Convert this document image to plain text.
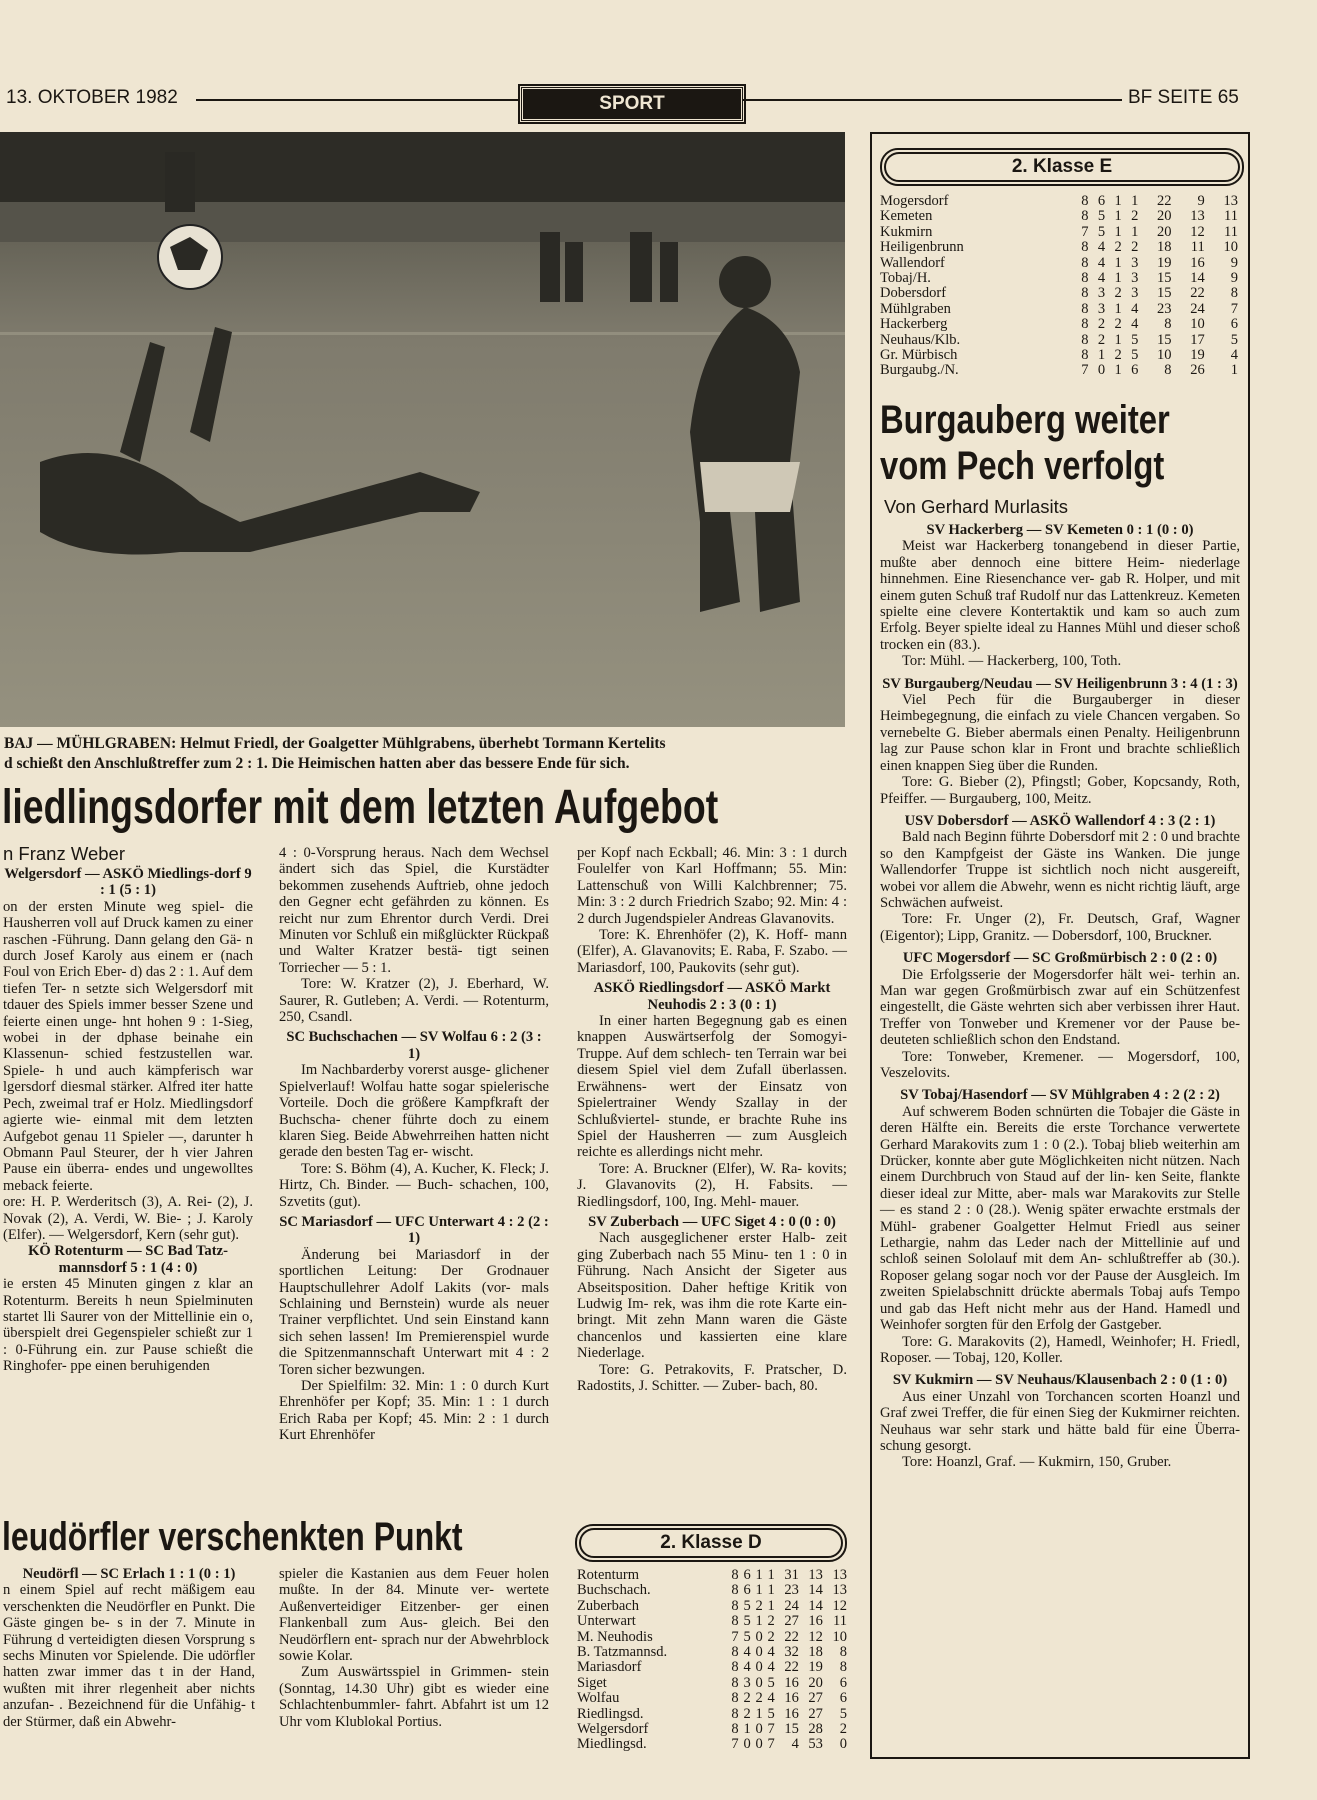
13. OKTOBER 1982	SPORT	BF SEITE 65
BAJ — MÜHLGRABEN: Helmut Friedl, der Goalgetter Mühlgrabens, überhebt Tormann Kertelits
d schießt den Anschlußtreffer zum 2 : 1. Die Heimischen hatten aber das bessere Ende für sich.
liedlingsdorfer mit dem letzten Aufgebot
n Franz Weber

Welgersdorf — ASKÖ Miedlings-dorf 9 : 1 (5 : 1)

on der ersten Minute weg spiel- die Hausherren voll auf Druck kamen zu einer raschen -Führung. Dann gelang den Gä- n durch Josef Karoly aus einem er (nach Foul von Erich Eber- d) das 2 : 1. Auf dem tiefen Ter- n setzte sich Welgersdorf mit tdauer des Spiels immer besser Szene und feierte einen unge- hnt hohen 9 : 1-Sieg, wobei in der dphase beinahe ein Klassenun- schied festzustellen war. Spiele- h und auch kämpferisch war lgersdorf diesmal stärker. Alfred iter hatte Pech, zweimal traf er Holz. Miedlingsdorf agierte wie- einmal mit dem letzten Aufgebot genau 11 Spieler —, darunter h Obmann Paul Steurer, der h vier Jahren Pause ein überra- endes und ungewolltes meback feierte.

ore: H. P. Werderitsch (3), A. Rei- (2), J. Novak (2), A. Verdi, W. Bie- ; J. Karoly (Elfer). — Welgersdorf, Kern (sehr gut).

KÖ Rotenturm — SC Bad Tatz- mannsdorf 5 : 1 (4 : 0)

ie ersten 45 Minuten gingen z klar an Rotenturm. Bereits h neun Spielminuten startet lli Saurer von der Mittellinie ein o, überspielt drei Gegenspieler schießt zur 1 : 0-Führung ein. zur Pause schießt die Ringhofer- ppe einen beruhigenden

4 : 0-Vorsprung heraus. Nach dem Wechsel ändert sich das Spiel, die Kurstädter bekommen zusehends Auftrieb, ohne jedoch den Gegner echt gefährden zu können. Es reicht nur zum Ehrentor durch Verdi. Drei Minuten vor Schluß ein mißglückter Rückpaß und Walter Kratzer bestä- tigt seinen Torriecher — 5 : 1.

Tore: W. Kratzer (2), J. Eberhard, W. Saurer, R. Gutleben; A. Verdi. — Rotenturm, 250, Csandl.

SC Buchschachen — SV Wolfau 6 : 2 (3 : 1)

Im Nachbarderby vorerst ausge- glichener Spielverlauf! Wolfau hatte sogar spielerische Vorteile. Doch die größere Kampfkraft der Buchscha- chener führte doch zu einem klaren Sieg. Beide Abwehrreihen hatten nicht gerade den besten Tag er- wischt.

Tore: S. Böhm (4), A. Kucher, K. Fleck; J. Hirtz, Ch. Binder. — Buch- schachen, 100, Szvetits (gut).

SC Mariasdorf — UFC Unterwart 4 : 2 (2 : 1)

Änderung bei Mariasdorf in der sportlichen Leitung: Der Grodnauer Hauptschullehrer Adolf Lakits (vor- mals Schlaining und Bernstein) wurde als neuer Trainer verpflichtet. Und sein Einstand kann sich sehen lassen! Im Premierenspiel wurde die Spitzenmannschaft Unterwart mit 4 : 2 Toren sicher bezwungen.

Der Spielfilm: 32. Min: 1 : 0 durch Kurt Ehrenhöfer per Kopf; 35. Min: 1 : 1 durch Erich Raba per Kopf; 45. Min: 2 : 1 durch Kurt Ehrenhöfer

per Kopf nach Eckball; 46. Min: 3 : 1 durch Foulelfer von Karl Hoffmann; 55. Min: Lattenschuß von Willi Kalchbrenner; 75. Min: 3 : 2 durch Friedrich Szabo; 92. Min: 4 : 2 durch Jugendspieler Andreas Glavanovits.

Tore: K. Ehrenhöfer (2), K. Hoff- mann (Elfer), A. Glavanovits; E. Raba, F. Szabo. — Mariasdorf, 100, Paukovits (sehr gut).

ASKÖ Riedlingsdorf — ASKÖ Markt Neuhodis 2 : 3 (0 : 1)

In einer harten Begegnung gab es einen knappen Auswärtserfolg der Somogyi-Truppe. Auf dem schlech- ten Terrain war bei diesem Spiel viel dem Zufall überlassen. Erwähnens- wert der Einsatz von Spielertrainer Wendy Szallay in der Schlußviertel- stunde, er brachte Ruhe ins Spiel der Hausherren — zum Ausgleich reichte es allerdings nicht mehr.

Tore: A. Bruckner (Elfer), W. Ra- kovits; J. Glavanovits (2), H. Fabsits. — Riedlingsdorf, 100, Ing. Mehl- mauer.

SV Zuberbach — UFC Siget 4 : 0 (0 : 0)

Nach ausgeglichener erster Halb- zeit ging Zuberbach nach 55 Minu- ten 1 : 0 in Führung. Nach Ansicht der Sigeter aus Abseitsposition. Daher heftige Kritik von Ludwig Im- rek, was ihm die rote Karte ein- bringt. Mit zehn Mann waren die Gäste chancenlos und kassierten eine klare Niederlage.

Tore: G. Petrakovits, F. Pratscher, D. Radostits, J. Schitter. — Zuber- bach, 80.

leudörfler verschenkten Punkt

Neudörfl — SC Erlach 1 : 1 (0 : 1)

n einem Spiel auf recht mäßigem eau verschenkten die Neudörfler en Punkt. Die Gäste gingen be- s in der 7. Minute in Führung d verteidigten diesen Vorsprung s sechs Minuten vor Spielende. Die udörfler hatten zwar immer das t in der Hand, wußten mit ihrer rlegenheit aber nichts anzufan- . Bezeichnend für die Unfähig- t der Stürmer, daß ein Abwehr-

spieler die Kastanien aus dem Feuer holen mußte. In der 84. Minute ver- wertete Außenverteidiger Eitzenber- ger einen Flankenball zum Aus- gleich. Bei den Neudörflern ent- sprach nur der Abwehrblock sowie Kolar.

Zum Auswärtsspiel in Grimmen- stein (Sonntag, 14.30 Uhr) gibt es wieder eine Schlachtenbummler- fahrt. Abfahrt ist um 12 Uhr vom Klublokal Portius.

2. Klasse D
Rotenturm	8	6	1	1	31	13	13
Buchschach.	8	6	1	1	23	14	13
Zuberbach	8	5	2	1	24	14	12
Unterwart	8	5	1	2	27	16	11
M. Neuhodis	7	5	0	2	22	12	10
B. Tatzmannsd.	8	4	0	4	32	18	8
Mariasdorf	8	4	0	4	22	19	8
Siget	8	3	0	5	16	20	6
Wolfau	8	2	2	4	16	27	6
Riedlingsd.	8	2	1	5	16	27	5
Welgersdorf	8	1	0	7	15	28	2
Miedlingsd.	7	0	0	7	4	53	0
2. Klasse E
Mogersdorf	8	6	1	1	22	9	13
Kemeten	8	5	1	2	20	13	11
Kukmirn	7	5	1	1	20	12	11
Heiligenbrunn	8	4	2	2	18	11	10
Wallendorf	8	4	1	3	19	16	9
Tobaj/H.	8	4	1	3	15	14	9
Dobersdorf	8	3	2	3	15	22	8
Mühlgraben	8	3	1	4	23	24	7
Hackerberg	8	2	2	4	8	10	6
Neuhaus/Klb.	8	2	1	5	15	17	5
Gr. Mürbisch	8	1	2	5	10	19	4
Burgaubg./N.	7	0	1	6	8	26	1
Burgauberg weiter
vom Pech verfolgt
Von Gerhard Murlasits

SV Hackerberg — SV Kemeten 0 : 1 (0 : 0)

Meist war Hackerberg tonangebend in dieser Partie, mußte aber dennoch eine bittere Heim- niederlage hinnehmen. Eine Riesenchance ver- gab R. Holper, und mit einem guten Schuß traf Rudolf nur das Lattenkreuz. Kemeten spielte eine clevere Kontertaktik und kam so auch zum Erfolg. Beyer spielte ideal zu Hannes Mühl und dieser schoß trocken ein (83.).

Tor: Mühl. — Hackerberg, 100, Toth.

SV Burgauberg/Neudau — SV Heiligenbrunn 3 : 4 (1 : 3)

Viel Pech für die Burgauberger in dieser Heimbegegnung, die einfach zu viele Chancen vergaben. So vernebelte G. Bieber abermals einen Penalty. Heiligenbrunn lag zur Pause schon klar in Front und brachte schließlich einen knappen Sieg über die Runden.

Tore: G. Bieber (2), Pfingstl; Gober, Kopcsandy, Roth, Pfeiffer. — Burgauberg, 100, Meitz.

USV Dobersdorf — ASKÖ Wallendorf 4 : 3 (2 : 1)

Bald nach Beginn führte Dobersdorf mit 2 : 0 und brachte so den Kampfgeist der Gäste ins Wanken. Die junge Wallendorfer Truppe ist sichtlich noch nicht ausgereift, wobei vor allem die Abwehr, wenn es nicht richtig läuft, arge Schwächen aufweist.

Tore: Fr. Unger (2), Fr. Deutsch, Graf, Wagner (Eigentor); Lipp, Granitz. — Dobersdorf, 100, Bruckner.

UFC Mogersdorf — SC Großmürbisch 2 : 0 (2 : 0)

Die Erfolgsserie der Mogersdorfer hält wei- terhin an. Man war gegen Großmürbisch zwar auf ein Schützenfest eingestellt, die Gäste wehrten sich aber verbissen ihrer Haut. Treffer von Tonweber und Kremener vor der Pause be- deuteten schließlich schon den Endstand.

Tore: Tonweber, Kremener. — Mogersdorf, 100, Veszelovits.

SV Tobaj/Hasendorf — SV Mühlgraben 4 : 2 (2 : 2)

Auf schwerem Boden schnürten die Tobajer die Gäste in deren Hälfte ein. Bereits die erste Torchance verwertete Gerhard Marakovits zum 1 : 0 (2.). Tobaj blieb weiterhin am Drücker, konnte aber gute Möglichkeiten nicht nützen. Nach einem Durchbruch von Staud auf der lin- ken Seite, flankte dieser ideal zur Mitte, aber- mals war Marakovits zur Stelle — es stand 2 : 0 (28.). Wenig später erwachte erstmals der Mühl- grabener Goalgetter Helmut Friedl aus seiner Lethargie, nahm das Leder nach der Mittellinie auf und schloß seinen Sololauf mit dem An- schlußtreffer ab (30.). Roposer gelang sogar noch vor der Pause der Ausgleich. Im zweiten Spielabschnitt drückte abermals Tobaj aufs Tempo und gab das Heft nicht mehr aus der Hand. Hamedl und Weinhofer sorgten für den Erfolg der Gastgeber.

Tore: G. Marakovits (2), Hamedl, Weinhofer; H. Friedl, Roposer. — Tobaj, 120, Koller.

SV Kukmirn — SV Neuhaus/Klausenbach 2 : 0 (1 : 0)

Aus einer Unzahl von Torchancen scorten Hoanzl und Graf zwei Treffer, die für einen Sieg der Kukmirner reichten. Neuhaus war sehr stark und hätte bald für eine Überra- schung gesorgt.

Tore: Hoanzl, Graf. — Kukmirn, 150, Gruber.
